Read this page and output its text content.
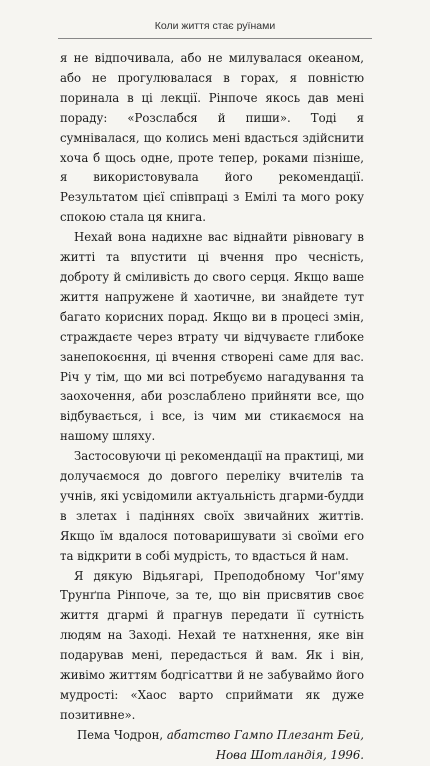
Коли життя стає руїнами

я не відпочивала, або не милувалася океаном, або не прогулювалася в горах, я повністю поринала в ці лекції. Рінпоче якось дав мені пораду: «Розслабся й пиши». Тоді я сумнівалася, що колись мені вдасться здійснити хоча б щось одне, проте тепер, роками пізніше, я використовувала його рекомендації. Результатом цієї співпраці з Емілі та мого року спокою стала ця книга.

Нехай вона надихне вас віднайти рівновагу в житті та впустити ці вчення про чесність, доброту й сміливість до свого серця. Якщо ваше життя напружене й хаотичне, ви знайдете тут багато корисних порад. Якщо ви в процесі змін, страждаєте через втрату чи відчуваєте глибоке занепокоєння, ці вчення створені саме для вас. Річ у тім, що ми всі потребуємо нагадування та заохочення, аби розслаблено прийняти все, що відбувається, і все, із чим ми стикаємося на нашому шляху.

Застосовуючи ці рекомендації на практиці, ми долучаємося до довгого переліку вчителів та учнів, які усвідомили актуальність дгарми-будди в злетах і падіннях своїх звичайних життів. Якщо їм вдалося потоваришувати зі своїми его та відкрити в собі мудрість, то вдасться й нам.

Я дякую Відьягарі, Преподобному Чоґ'яму Трунґпа Рінпоче, за те, що він присвятив своє життя дгармі й прагнув передати її сутність людям на Заході. Нехай те натхнення, яке він подарував мені, передасться й вам. Як і він, живімо життям бодгісаттви й не забуваймо його мудрості: «Хаос варто сприймати як дуже позитивне».

Пема Чодрон, абатство Гампо Плезант Бей,
Нова Шотландія, 1996.
